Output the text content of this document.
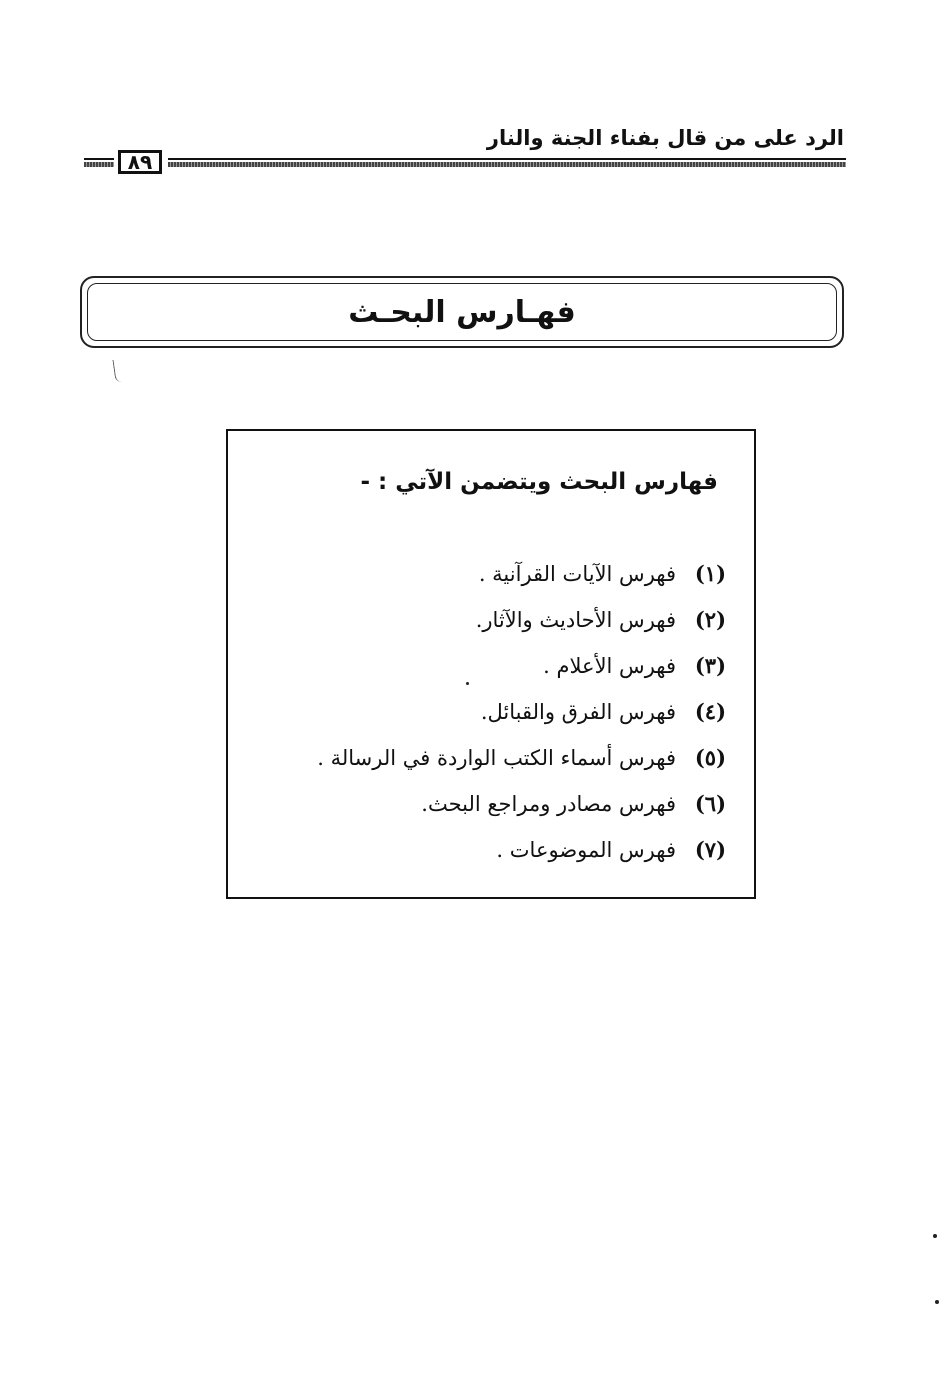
الرد على من قال بفناء الجنة والنار
٨٩
فهـارس البحـث
فهارس البحث ويتضمن الآتي : -
(١)
فهرس الآيات القرآنية .
(٢)
فهرس الأحاديث والآثار.
(٣)
فهرس الأعلام .
(٤)
فهرس الفرق والقبائل.
(٥)
فهرس أسماء الكتب الواردة في الرسالة .
(٦)
فهرس مصادر ومراجع البحث.
(٧)
فهرس الموضوعات .
